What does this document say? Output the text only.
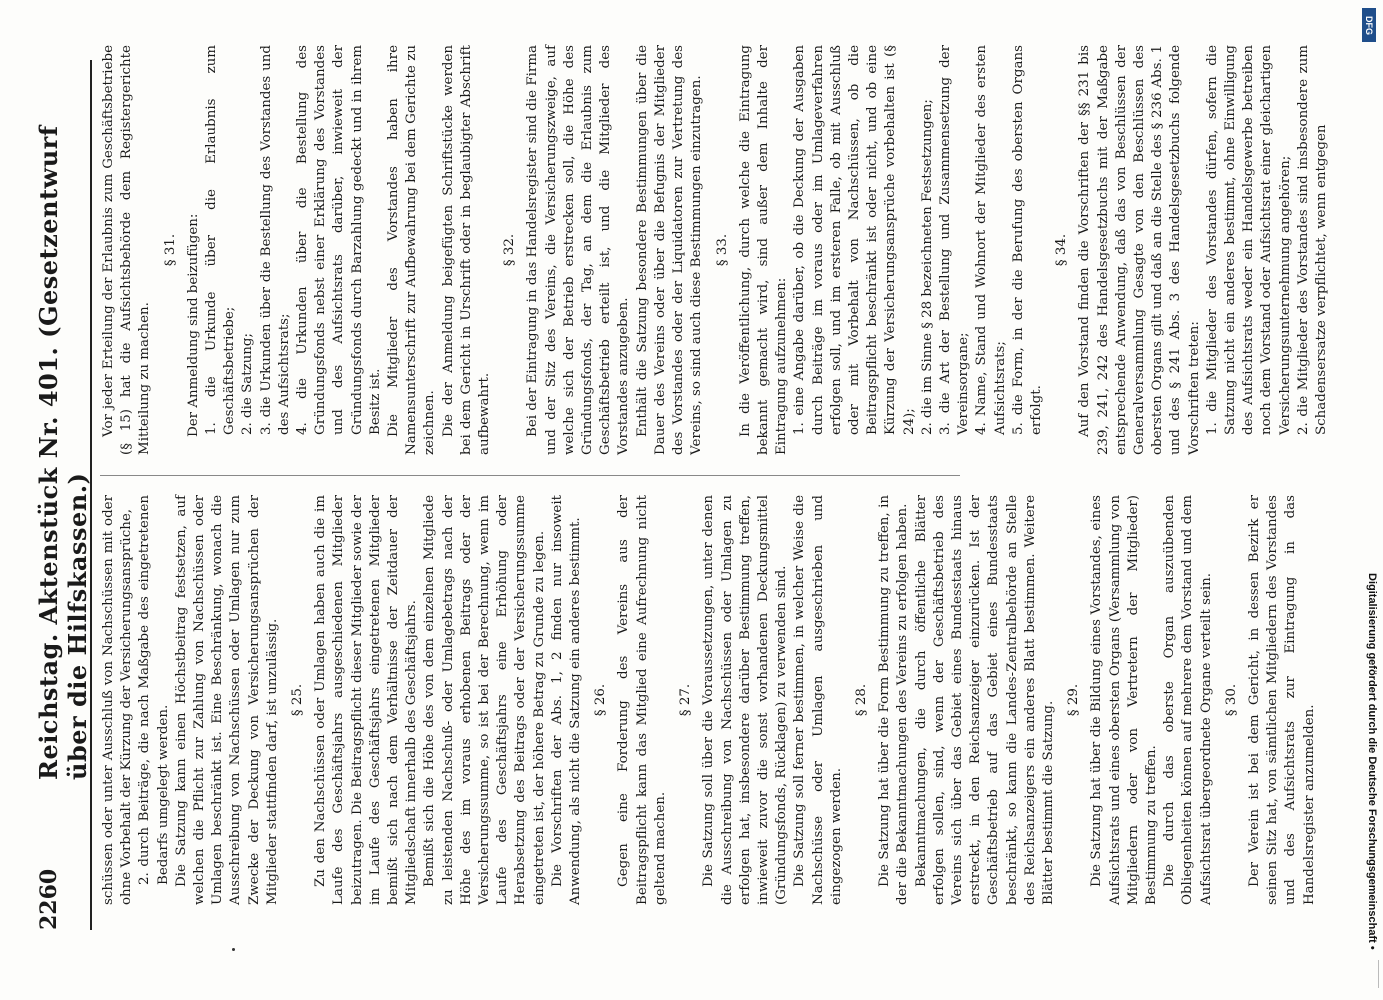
2260
Reichstag. Aktenstück Nr. 401. (Gesetzentwurf über die Hilfskassen.) schüssen oder unter Ausschluß von Nachschüssen mit oder ohne Vorbehalt der Kürzung der Versicherungsansprüche, 2. durch Beiträge, die nach Maßgabe des eingetretenen Bedarfs umgelegt werden. Die Satzung kann einen Höchstbeitrag festsetzen, auf welchen die Pflicht zur Zahlung von Nachschüssen oder Umlagen beschränkt ist. Eine Beschränkung, wonach die Ausschreibung von Nachschüssen oder Umlagen nur zum Zwecke der Deckung von Versicherungsansprüchen der Mitglieder stattfinden darf, ist unzulässig. § 25. Zu den Nachschüssen oder Umlagen haben auch die im Laufe des Geschäftsjahrs ausgeschiedenen Mitglieder beizutragen. Die Beitragspflicht dieser Mitglieder sowie der im Laufe des Geschäftsjahrs eingetretenen Mitglieder bemißt sich nach dem Verhältnisse der Zeitdauer der Mitgliedschaft innerhalb des Geschäftsjahrs. Bemißt sich die Höhe des von dem einzelnen Mitgliede zu leistenden Nachschuß- oder Umlagebetrags nach der Höhe des im voraus erhobenen Beitrags oder der Versicherungssumme, so ist bei der Berechnung, wenn im Laufe des Geschäftsjahrs eine Erhöhung oder Herabsetzung des Beitrags oder der Versicherungssumme eingetreten ist, der höhere Betrag zu Grunde zu legen. Die Vorschriften der Abs. 1, 2 finden nur insoweit Anwendung, als nicht die Satzung ein anderes bestimmt. § 26. Gegen eine Forderung des Vereins aus der Beitragspflicht kann das Mitglied eine Aufrechnung nicht geltend machen.

§ 27. Die Satzung soll über die Voraussetzungen, unter denen die Ausschreibung von Nachschüssen oder Umlagen zu erfolgen hat, insbesondere darüber Bestimmung treffen, inwieweit zuvor die sonst vorhandenen Deckungsmittel (Gründungsfonds, Rücklagen) zu verwenden sind. Die Satzung soll ferner bestimmen, in welcher Weise die Nachschüsse oder Umlagen ausgeschrieben und eingezogen werden.

§ 28. Die Satzung hat über die Form Bestimmung zu treffen, in der die Bekanntmachungen des Vereins zu erfolgen haben. Bekanntmachungen, die durch öffentliche Blätter erfolgen sollen, sind, wenn der Geschäftsbetrieb des Vereins sich über das Gebiet eines Bundesstaats hinaus erstreckt, in den Reichsanzeiger einzurücken. Ist der Geschäftsbetrieb auf das Gebiet eines Bundesstaats beschränkt, so kann die Landes-Zentralbehörde an Stelle des Reichsanzeigers ein anderes Blatt bestimmen. Weitere Blätter bestimmt die Satzung.

§ 29. Die Satzung hat über die Bildung eines Vorstandes, eines Aufsichtsrats und eines obersten Organs (Versammlung von Mitgliedern oder von Vertretern der Mitglieder) Bestimmung zu treffen. Die durch das oberste Organ auszuübenden Obliegenheiten können auf mehrere dem Vorstand und dem Aufsichtsrat übergeordnete Organe verteilt sein. § 30. Der Verein ist bei dem Gericht, in dessen Bezirk er seinen Sitz hat, von sämtlichen Mitgliedern des Vorstandes und des Aufsichtsrats zur Eintragung in das Handelsregister anzumelden.

Vor jeder Erteilung der Erlaubnis zum Geschäftsbetriebe (§ 15) hat die Aufsichtsbehörde dem Registergerichte Mitteilung zu machen.

§ 31. Der Anmeldung sind beizufügen: 1. die Urkunde über die Erlaubnis zum Geschäftsbetriebe; 2. die Satzung; 3. die Urkunden über die Bestellung des Vorstandes und des Aufsichtsrats; 4. die Urkunden über die Bestellung des Gründungsfonds nebst einer Erklärung des Vorstandes und des Aufsichtsrats darüber, inwieweit der Gründungsfonds durch Barzahlung gedeckt und in ihrem Besitz ist. Die Mitglieder des Vorstandes haben ihre Namensunterschrift zur Aufbewahrung bei dem Gerichte zu zeichnen. Die der Anmeldung beigefügten Schriftstücke werden bei dem Gericht in Urschrift oder in beglaubigter Abschrift aufbewahrt.

§ 32. Bei der Eintragung in das Handelsregister sind die Firma und der Sitz des Vereins, die Versicherungszweige, auf welche sich der Betrieb erstrecken soll, die Höhe des Gründungsfonds, der Tag, an dem die Erlaubnis zum Geschäftsbetrieb erteilt ist, und die Mitglieder des Vorstandes anzugeben. Enthält die Satzung besondere Bestimmungen über die Dauer des Vereins oder über die Befugnis der Mitglieder des Vorstandes oder der Liquidatoren zur Vertretung des Vereins, so sind auch diese Bestimmungen einzutragen. § 33. In die Veröffentlichung, durch welche die Eintragung bekannt gemacht wird, sind außer dem Inhalte der Eintragung aufzunehmen: 1. eine Angabe darüber, ob die Deckung der Ausgaben durch Beiträge im voraus oder im Umlageverfahren erfolgen soll, und im ersteren Falle, ob mit Ausschluß oder mit Vorbehalt von Nachschüssen, ob die Beitragspflicht beschränkt ist oder nicht, und ob eine Kürzung der Versicherungsansprüche vorbehalten ist (§ 24); 2. die im Sinne § 28 bezeichneten Festsetzungen; 3. die Art der Bestellung und Zusammensetzung der Vereinsorgane; 4. Name, Stand und Wohnort der Mitglieder des ersten Aufsichtsrats; 5. die Form, in der die Berufung des obersten Organs erfolgt.

§ 34. Auf den Vorstand finden die Vorschriften der §§ 231 bis 239, 241, 242 des Handelsgesetzbuchs mit der Maßgabe entsprechende Anwendung, daß das von Beschlüssen der Generalversammlung Gesagte von den Beschlüssen des obersten Organs gilt und daß an die Stelle des § 236 Abs. 1 und des § 241 Abs. 3 des Handelsgesetzbuchs folgende Vorschriften treten: 1. die Mitglieder des Vorstandes dürfen, sofern die Satzung nicht ein anderes bestimmt, ohne Einwilligung des Aufsichtsrats weder ein Handelsgewerbe betreiben noch dem Vorstand oder Aufsichtsrat einer gleichartigen Versicherungsunternehmung angehören; 2. die Mitglieder des Vorstandes sind insbesondere zum Schadensersatze verpflichtet, wenn entgegen

Digitalisierung gefördert durch die Deutsche Forschungsgemeinschaft •
DFG
